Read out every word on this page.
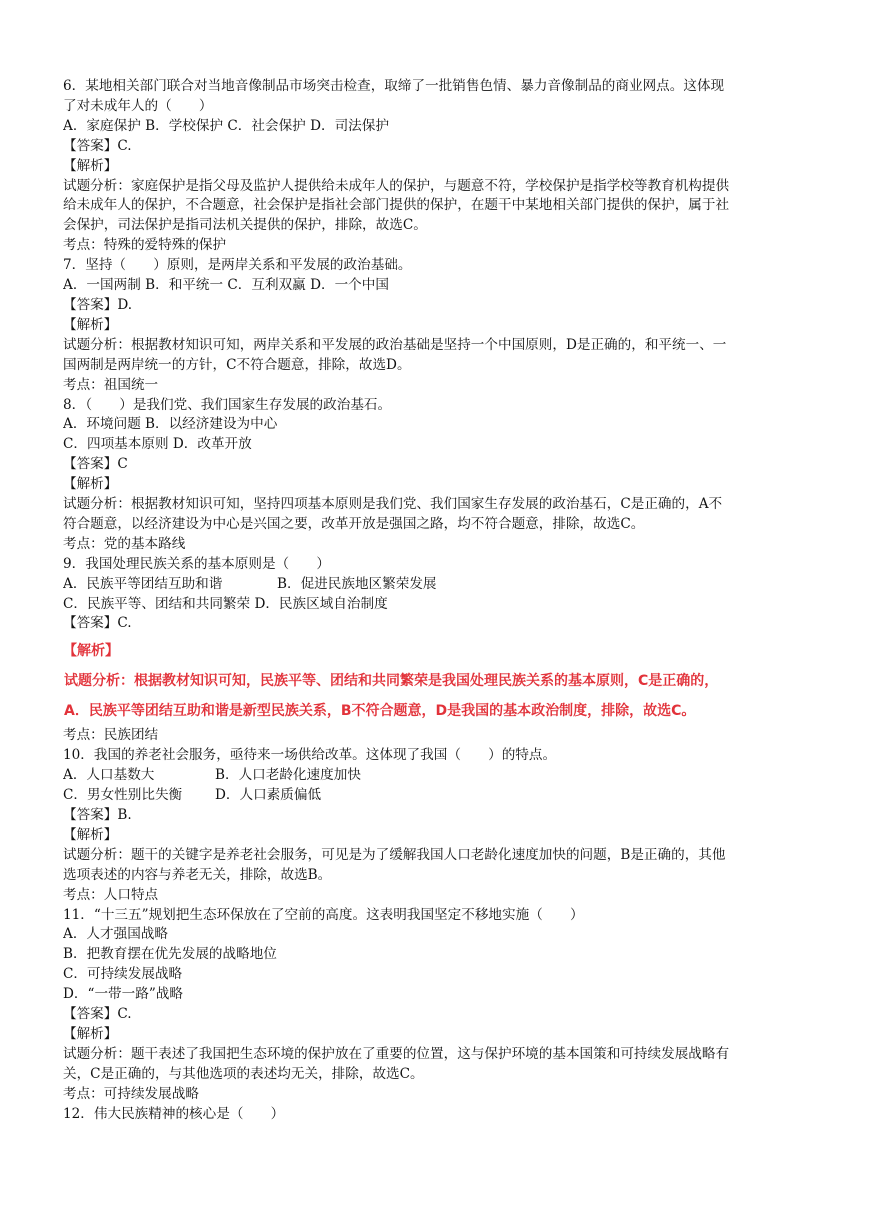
6．某地相关部门联合对当地音像制品市场突击检查，取缔了一批销售色情、暴力音像制品的商业网点。这体现
了对未成年人的（　　）
A．家庭保护 B．学校保护 C．社会保护 D．司法保护
【答案】C.
【解析】
试题分析：家庭保护是指父母及监护人提供给未成年人的保护，与题意不符，学校保护是指学校等教育机构提供
给未成年人的保护，不合题意，社会保护是指社会部门提供的保护，在题干中某地相关部门提供的保护，属于社
会保护，司法保护是指司法机关提供的保护，排除，故选C。
考点：特殊的爱特殊的保护
7．坚持（　　）原则，是两岸关系和平发展的政治基础。
A．一国两制 B．和平统一 C．互利双赢 D．一个中国
【答案】D.
【解析】
试题分析：根据教材知识可知，两岸关系和平发展的政治基础是坚持一个中国原则，D是正确的，和平统一、一
国两制是两岸统一的方针，C不符合题意，排除，故选D。
考点：祖国统一
8．（　　）是我们党、我们国家生存发展的政治基石。
A．环境问题 B．以经济建设为中心
C．四项基本原则 D．改革开放
【答案】C
【解析】
试题分析：根据教材知识可知，坚持四项基本原则是我们党、我们国家生存发展的政治基石，C是正确的，A不
符合题意，以经济建设为中心是兴国之要，改革开放是强国之路，均不符合题意，排除，故选C。
考点：党的基本路线
9．我国处理民族关系的基本原则是（　　）
A．民族平等团结互助和谐	B．促进民族地区繁荣发展
C．民族平等、团结和共同繁荣 D．民族区域自治制度
【答案】C.
【解析】
试题分析：根据教材知识可知，民族平等、团结和共同繁荣是我国处理民族关系的基本原则，C是正确的，
A．民族平等团结互助和谐是新型民族关系，B不符合题意，D是我国的基本政治制度，排除，故选C。
考点：民族团结
10．我国的养老社会服务，亟待来一场供给改革。这体现了我国（　　）的特点。
A．人口基数大	B．人口老龄化速度加快
C．男女性别比失衡 D．人口素质偏低
【答案】B.
【解析】
试题分析：题干的关键字是养老社会服务，可见是为了缓解我国人口老龄化速度加快的问题，B是正确的，其他
选项表述的内容与养老无关，排除，故选B。
考点：人口特点
11．“十三五”规划把生态环保放在了空前的高度。这表明我国坚定不移地实施（　　）
A．人才强国战略
B．把教育摆在优先发展的战略地位
C．可持续发展战略
D．“一带一路”战略
【答案】C.
【解析】
试题分析：题干表述了我国把生态环境的保护放在了重要的位置，这与保护环境的基本国策和可持续发展战略有
关，C是正确的，与其他选项的表述均无关，排除，故选C。
考点：可持续发展战略
12．伟大民族精神的核心是（　　）
